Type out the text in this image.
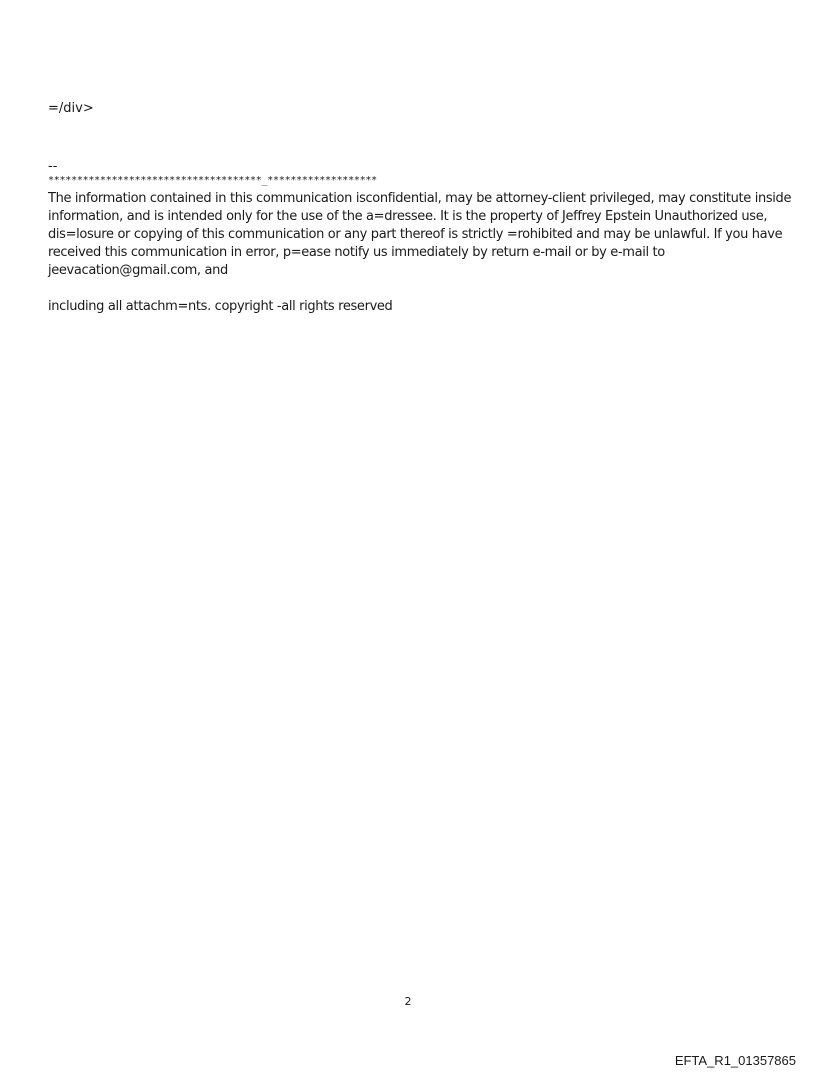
=/div>
--
*************************************_*******************

The information contained in this communication isconfidential, may be attorney-client privileged, may constitute inside

information, and is intended only for the use of the a=dressee. It is the property of Jeffrey Epstein Unauthorized use,

dis=losure or copying of this communication or any part thereof is strictly =rohibited and may be unlawful. If you have

received this communication in error, p=ease notify us immediately by return e-mail or by e-mail to

jeevacation@gmail.com, and

including all attachm=nts. copyright -all rights reserved
2
EFTA_R1_01357865
